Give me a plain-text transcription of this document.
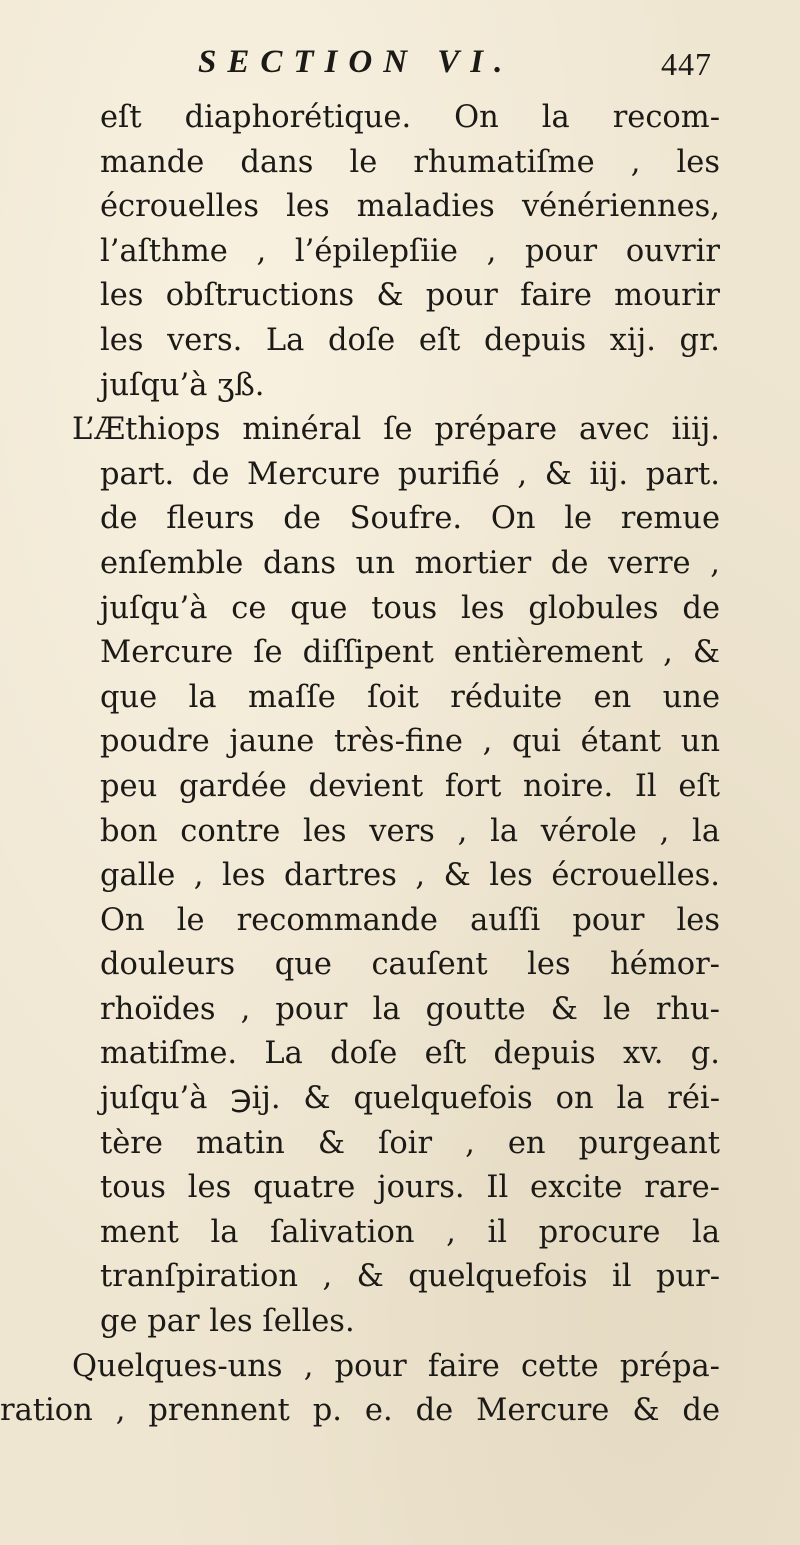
SECTION VI.	447
eſt diaphorétique. On la recom-
mande dans le rhumatiſme , les
écrouelles les maladies vénériennes,
l’aſthme , l’épilepſiie , pour ouvrir
les obſtructions & pour faire mourir
les vers. La doſe eſt depuis xij. gr.
juſqu’à ʒß.
L’Æthiops minéral ſe prépare avec iiij.
part. de Mercure purifié , & iij. part.
de fleurs de Soufre. On le remue
enſemble dans un mortier de verre ,
juſqu’à ce que tous les globules de
Mercure ſe diſſipent entièrement , &
que la maſſe ſoit réduite en une
poudre jaune très-fine , qui étant un
peu gardée devient fort noire. Il eſt
bon contre les vers , la vérole , la
galle , les dartres , & les écrouelles.
On le recommande auſſi pour les
douleurs que cauſent les hémor-
rhoïdes , pour la goutte & le rhu-
matiſme. La doſe eſt depuis xv. g.
juſqu’à ℈ij. & quelquefois on la réi-
tère matin & ſoir , en purgeant
tous les quatre jours. Il excite rare-
ment la ſalivation , il procure la
tranſpiration , & quelquefois il pur-
ge par les ſelles.
Quelques-uns , pour faire cette prépa-
ration , prennent p. e. de Mercure & de
